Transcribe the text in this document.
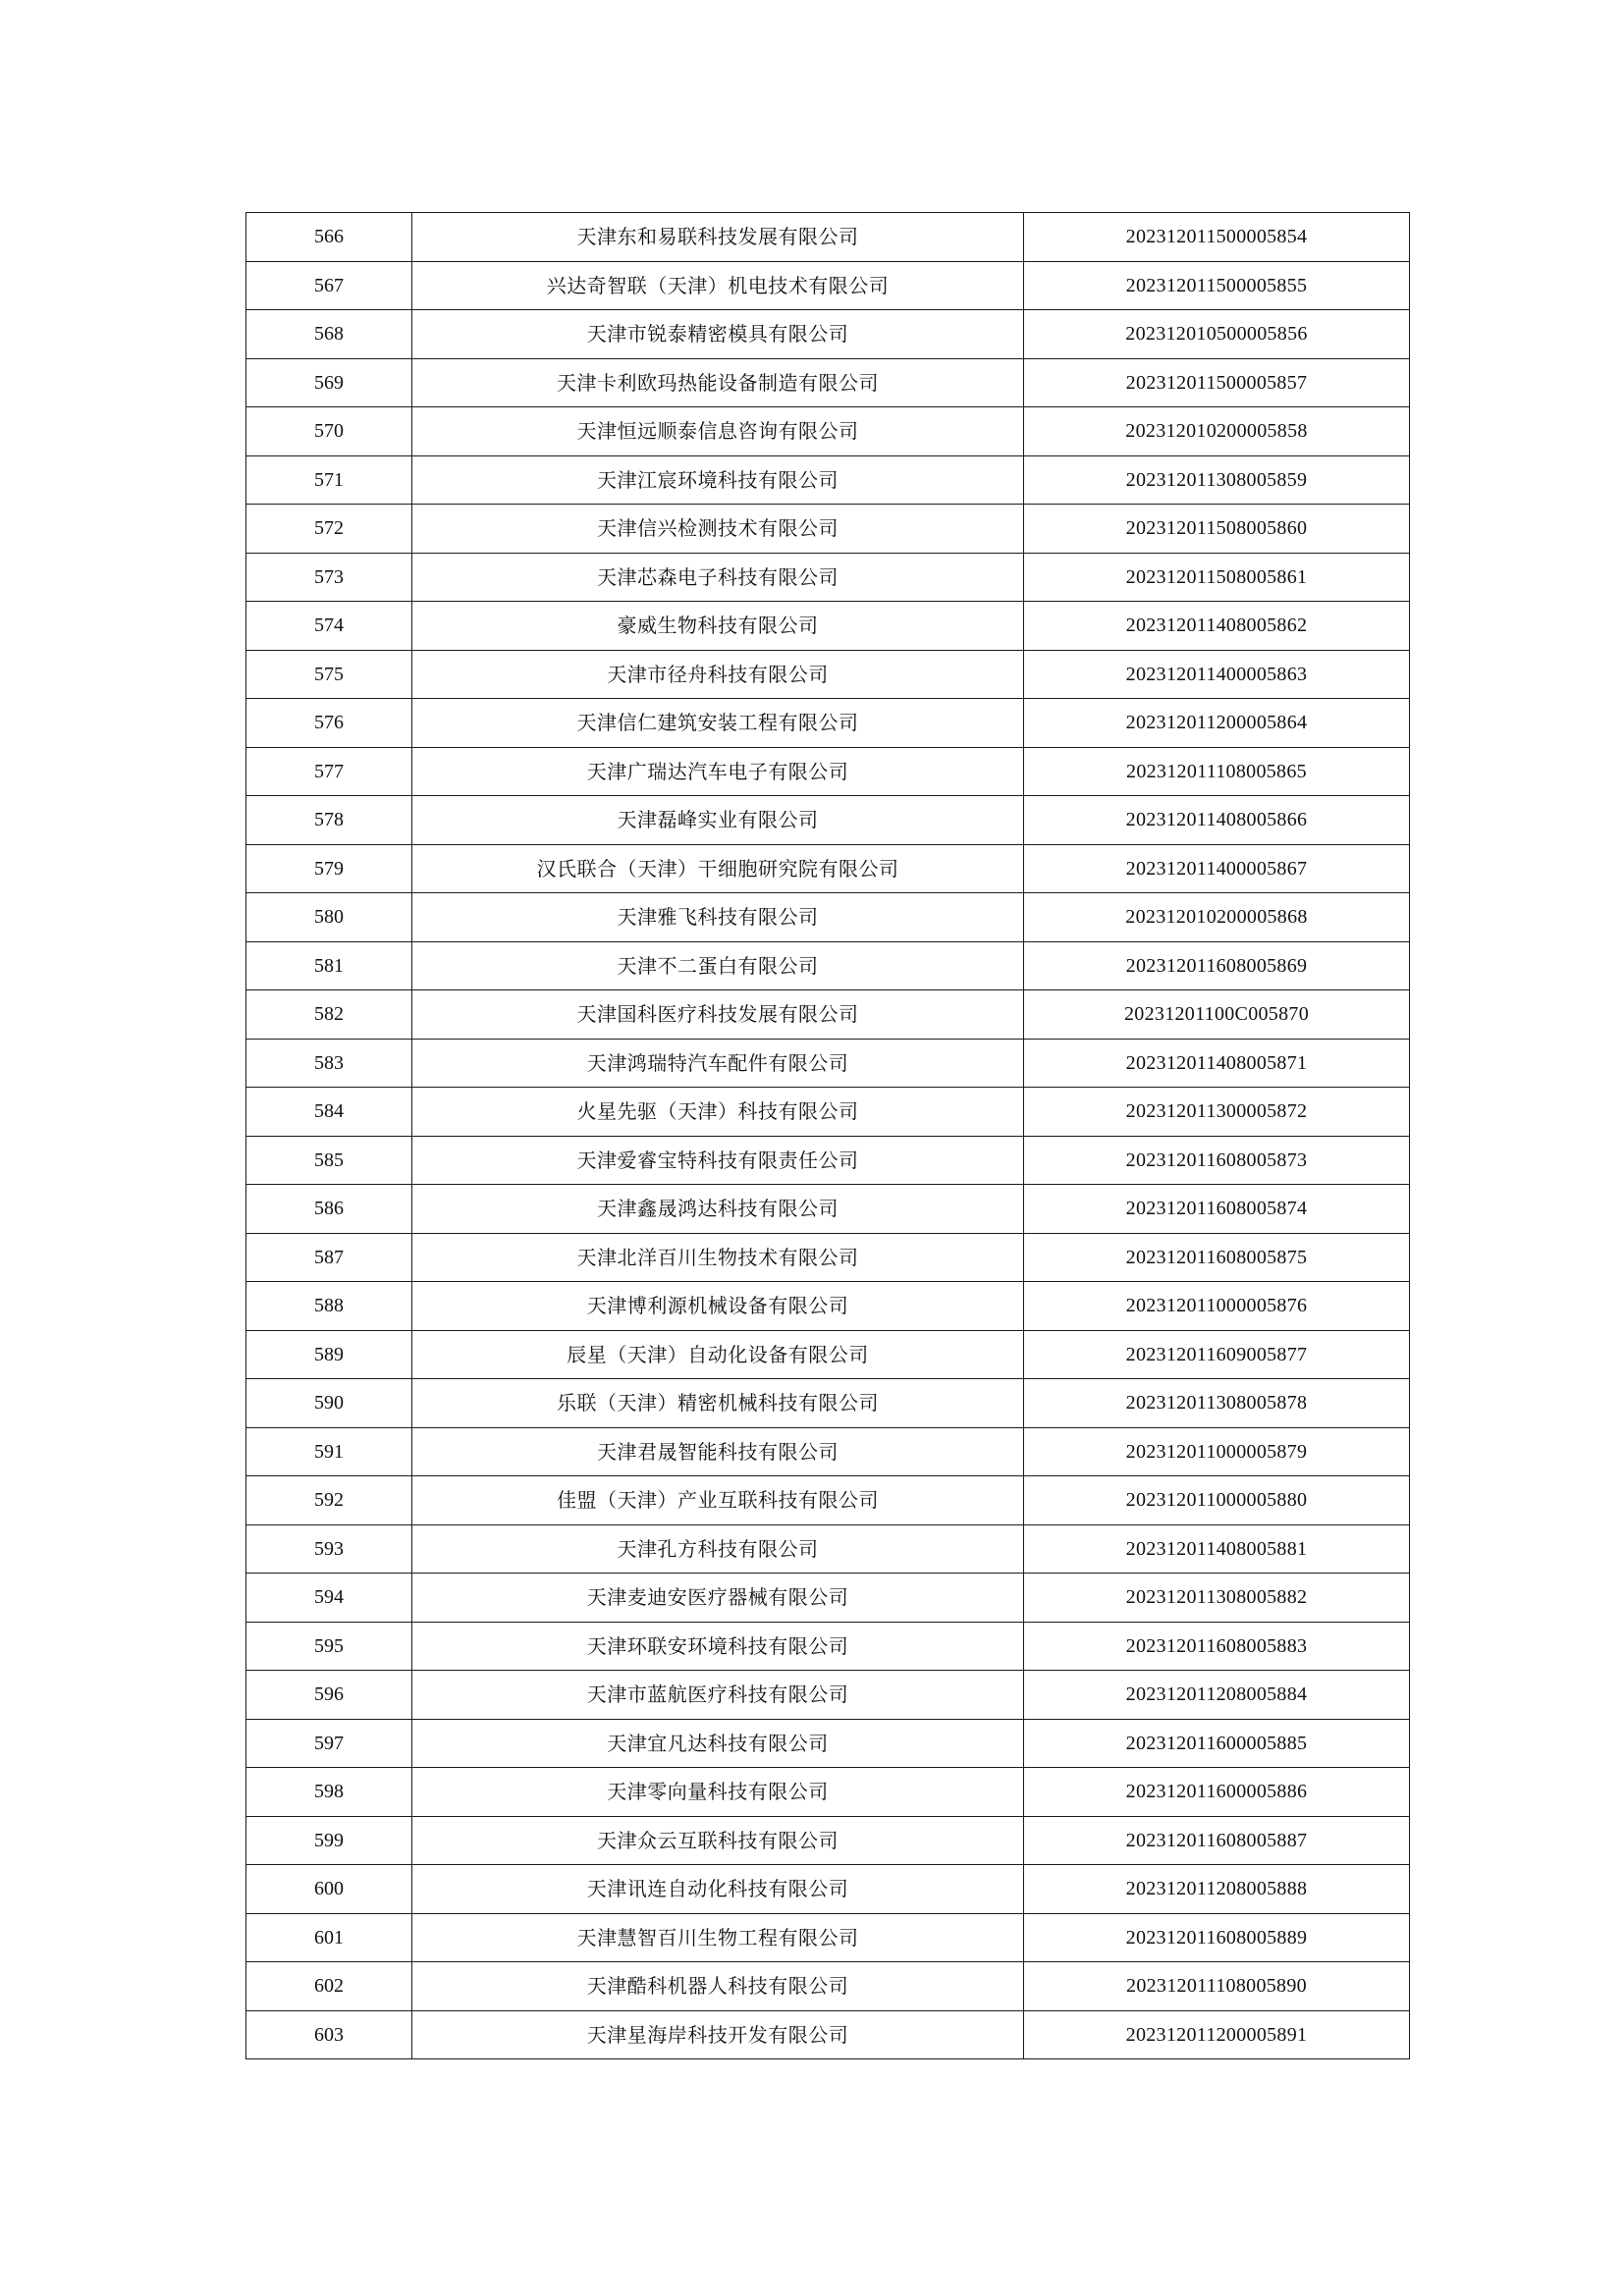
566	天津东和易联科技发展有限公司	202312011500005854
567	兴达奇智联（天津）机电技术有限公司	202312011500005855
568	天津市锐泰精密模具有限公司	202312010500005856
569	天津卡利欧玛热能设备制造有限公司	202312011500005857
570	天津恒远顺泰信息咨询有限公司	202312010200005858
571	天津江宸环境科技有限公司	202312011308005859
572	天津信兴检测技术有限公司	202312011508005860
573	天津芯森电子科技有限公司	202312011508005861
574	豪威生物科技有限公司	202312011408005862
575	天津市径舟科技有限公司	202312011400005863
576	天津信仁建筑安装工程有限公司	202312011200005864
577	天津广瑞达汽车电子有限公司	202312011108005865
578	天津磊峰实业有限公司	202312011408005866
579	汉氏联合（天津）干细胞研究院有限公司	202312011400005867
580	天津雅飞科技有限公司	202312010200005868
581	天津不二蛋白有限公司	202312011608005869
582	天津国科医疗科技发展有限公司	20231201100C005870
583	天津鸿瑞特汽车配件有限公司	202312011408005871
584	火星先驱（天津）科技有限公司	202312011300005872
585	天津爱睿宝特科技有限责任公司	202312011608005873
586	天津鑫晟鸿达科技有限公司	202312011608005874
587	天津北洋百川生物技术有限公司	202312011608005875
588	天津博利源机械设备有限公司	202312011000005876
589	辰星（天津）自动化设备有限公司	202312011609005877
590	乐联（天津）精密机械科技有限公司	202312011308005878
591	天津君晟智能科技有限公司	202312011000005879
592	佳盟（天津）产业互联科技有限公司	202312011000005880
593	天津孔方科技有限公司	202312011408005881
594	天津麦迪安医疗器械有限公司	202312011308005882
595	天津环联安环境科技有限公司	202312011608005883
596	天津市蓝航医疗科技有限公司	202312011208005884
597	天津宜凡达科技有限公司	202312011600005885
598	天津零向量科技有限公司	202312011600005886
599	天津众云互联科技有限公司	202312011608005887
600	天津讯连自动化科技有限公司	202312011208005888
601	天津慧智百川生物工程有限公司	202312011608005889
602	天津酷科机器人科技有限公司	202312011108005890
603	天津星海岸科技开发有限公司	202312011200005891
